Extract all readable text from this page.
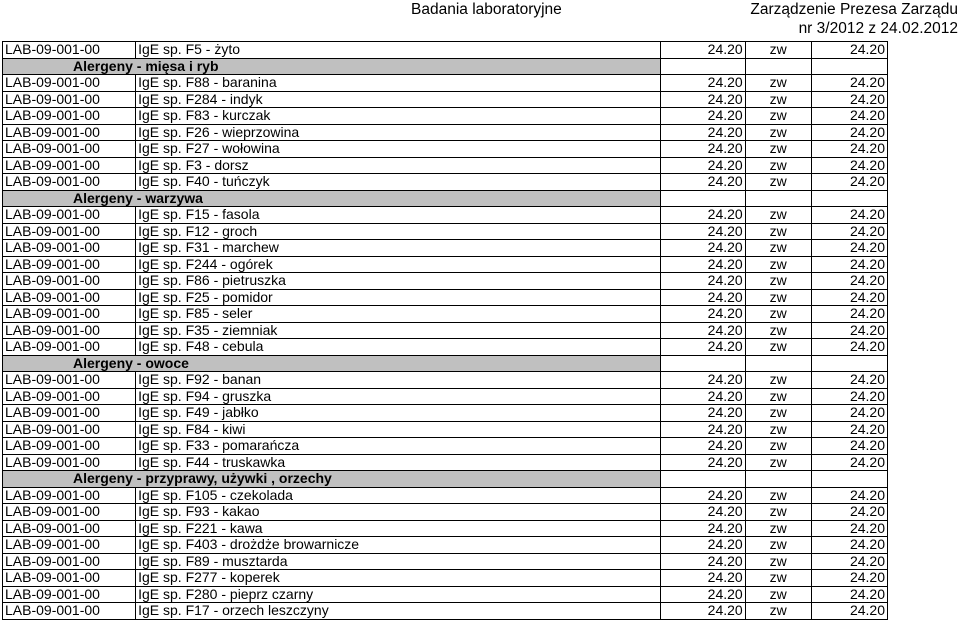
Badania laboratoryjne	Zarządzenie Prezesa Zarządu
nr 3/2012 z 24.02.2012
LAB-09-001-00	IgE sp. F5 - żyto	24.20	zw	24.20
Alergeny - mięsa i ryb				
LAB-09-001-00	IgE sp. F88 - baranina	24.20	zw	24.20
LAB-09-001-00	IgE sp. F284 - indyk	24.20	zw	24.20
LAB-09-001-00	IgE sp. F83 - kurczak	24.20	zw	24.20
LAB-09-001-00	IgE sp. F26 - wieprzowina	24.20	zw	24.20
LAB-09-001-00	IgE sp. F27 - wołowina	24.20	zw	24.20
LAB-09-001-00	IgE sp. F3 - dorsz	24.20	zw	24.20
LAB-09-001-00	IgE sp. F40 - tuńczyk	24.20	zw	24.20
Alergeny - warzywa				
LAB-09-001-00	IgE sp. F15 - fasola	24.20	zw	24.20
LAB-09-001-00	IgE sp. F12 - groch	24.20	zw	24.20
LAB-09-001-00	IgE sp. F31 - marchew	24.20	zw	24.20
LAB-09-001-00	IgE sp. F244 - ogórek	24.20	zw	24.20
LAB-09-001-00	IgE sp. F86 - pietruszka	24.20	zw	24.20
LAB-09-001-00	IgE sp. F25 - pomidor	24.20	zw	24.20
LAB-09-001-00	IgE sp. F85 - seler	24.20	zw	24.20
LAB-09-001-00	IgE sp. F35 - ziemniak	24.20	zw	24.20
LAB-09-001-00	IgE sp. F48 - cebula	24.20	zw	24.20
Alergeny - owoce				
LAB-09-001-00	IgE sp. F92 - banan	24.20	zw	24.20
LAB-09-001-00	IgE sp. F94 - gruszka	24.20	zw	24.20
LAB-09-001-00	IgE sp. F49 - jabłko	24.20	zw	24.20
LAB-09-001-00	IgE sp. F84 - kiwi	24.20	zw	24.20
LAB-09-001-00	IgE sp. F33 - pomarańcza	24.20	zw	24.20
LAB-09-001-00	IgE sp. F44 - truskawka	24.20	zw	24.20
Alergeny - przyprawy, używki , orzechy				
LAB-09-001-00	IgE sp. F105 - czekolada	24.20	zw	24.20
LAB-09-001-00	IgE sp. F93 - kakao	24.20	zw	24.20
LAB-09-001-00	IgE sp. F221 - kawa	24.20	zw	24.20
LAB-09-001-00	IgE sp. F403 - drożdże browarnicze	24.20	zw	24.20
LAB-09-001-00	IgE sp. F89 - musztarda	24.20	zw	24.20
LAB-09-001-00	IgE sp. F277 - koperek	24.20	zw	24.20
LAB-09-001-00	IgE sp. F280 - pieprz czarny	24.20	zw	24.20
LAB-09-001-00	IgE sp. F17 - orzech leszczyny	24.20	zw	24.20
